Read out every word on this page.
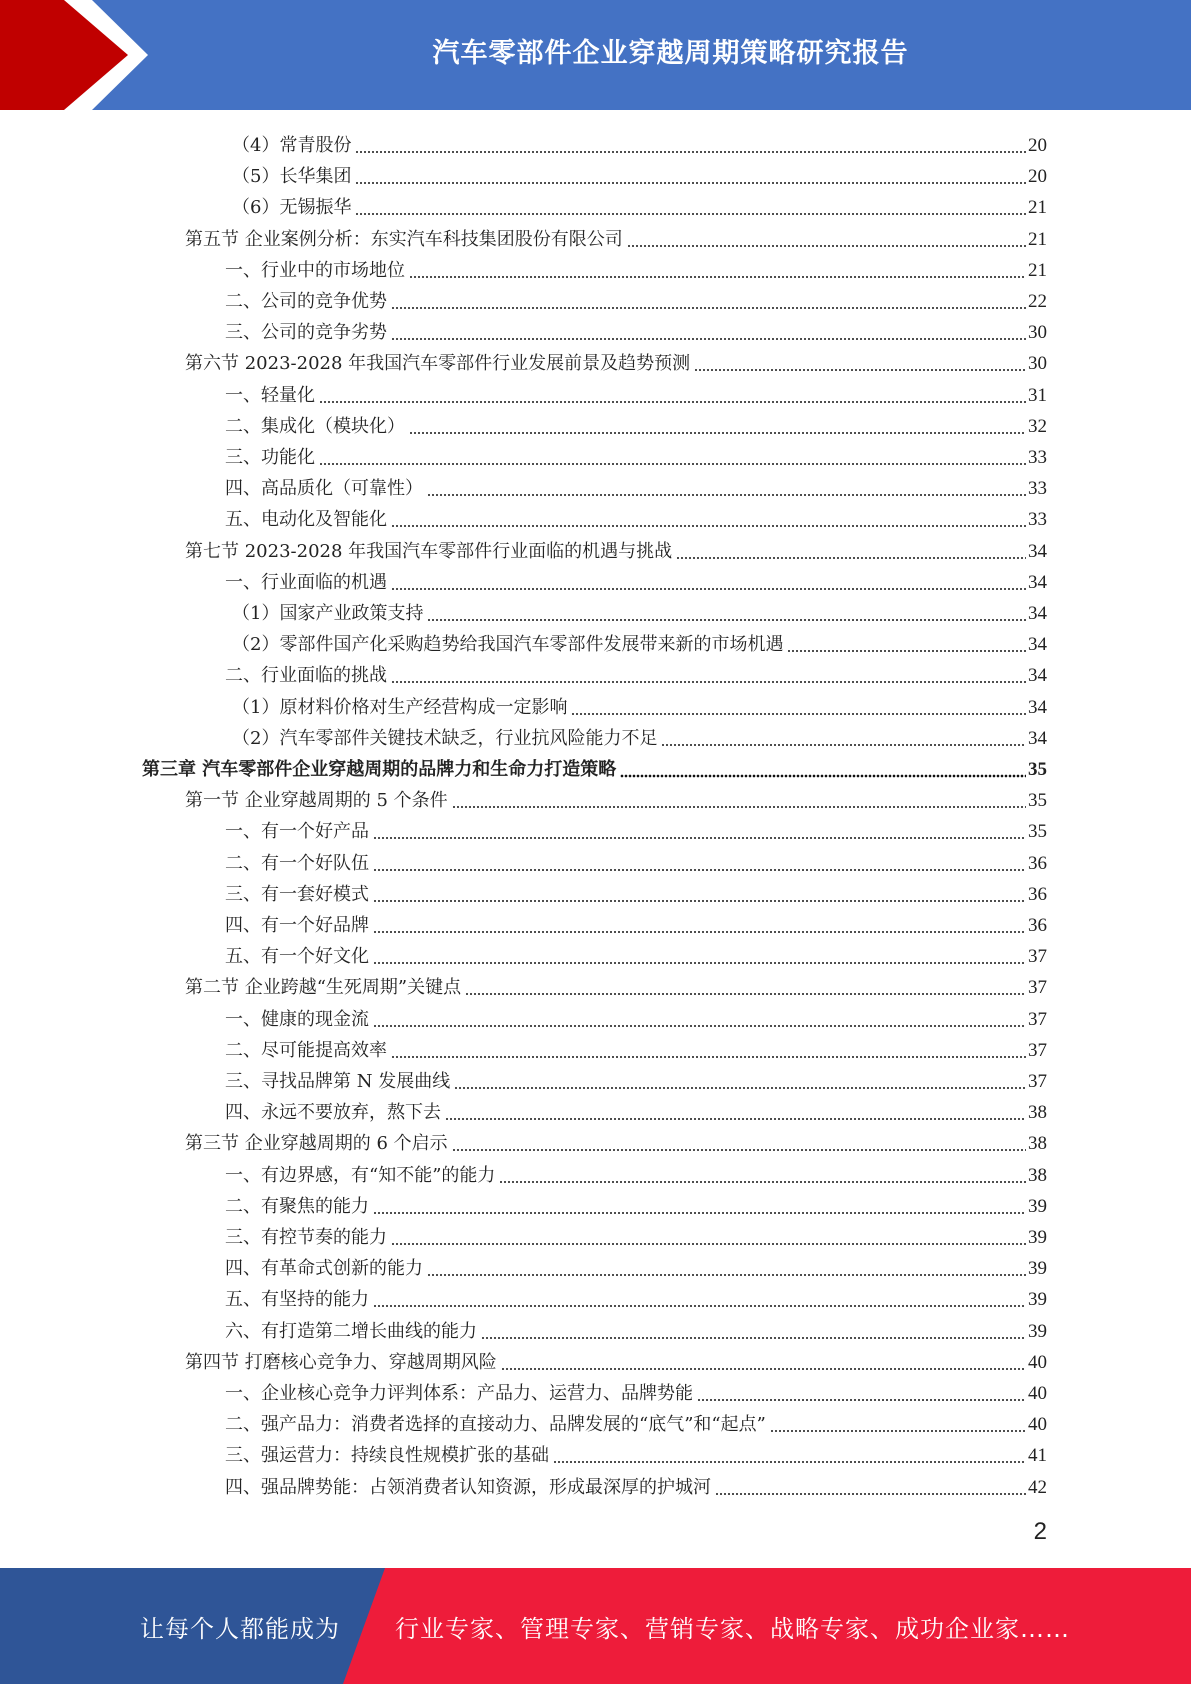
汽车零部件企业穿越周期策略研究报告
（4）常青股份	20
（5）长华集团	20
（6）无锡振华	21
第五节 企业案例分析：东实汽车科技集团股份有限公司	21
一、行业中的市场地位	21
二、公司的竞争优势	22
三、公司的竞争劣势	30
第六节 2023-2028 年我国汽车零部件行业发展前景及趋势预测	30
一、轻量化	31
二、集成化（模块化）	32
三、功能化	33
四、高品质化（可靠性）	33
五、电动化及智能化	33
第七节 2023-2028 年我国汽车零部件行业面临的机遇与挑战	34
一、行业面临的机遇	34
（1）国家产业政策支持	34
（2）零部件国产化采购趋势给我国汽车零部件发展带来新的市场机遇	34
二、行业面临的挑战	34
（1）原材料价格对生产经营构成一定影响	34
（2）汽车零部件关键技术缺乏，行业抗风险能力不足	34
第三章 汽车零部件企业穿越周期的品牌力和生命力打造策略	35
第一节 企业穿越周期的 5 个条件	35
一、有一个好产品	35
二、有一个好队伍	36
三、有一套好模式	36
四、有一个好品牌	36
五、有一个好文化	37
第二节 企业跨越“生死周期”关键点	37
一、健康的现金流	37
二、尽可能提高效率	37
三、寻找品牌第 N 发展曲线	37
四、永远不要放弃，熬下去	38
第三节 企业穿越周期的 6 个启示	38
一、有边界感，有“知不能”的能力	38
二、有聚焦的能力	39
三、有控节奏的能力	39
四、有革命式创新的能力	39
五、有坚持的能力	39
六、有打造第二增长曲线的能力	39
第四节 打磨核心竞争力、穿越周期风险	40
一、企业核心竞争力评判体系：产品力、运营力、品牌势能	40
二、强产品力：消费者选择的直接动力、品牌发展的“底气”和“起点”	40
三、强运营力：持续良性规模扩张的基础	41
四、强品牌势能：占领消费者认知资源，形成最深厚的护城河	42
2
让每个人都能成为	行业专家、管理专家、营销专家、战略专家、成功企业家……
